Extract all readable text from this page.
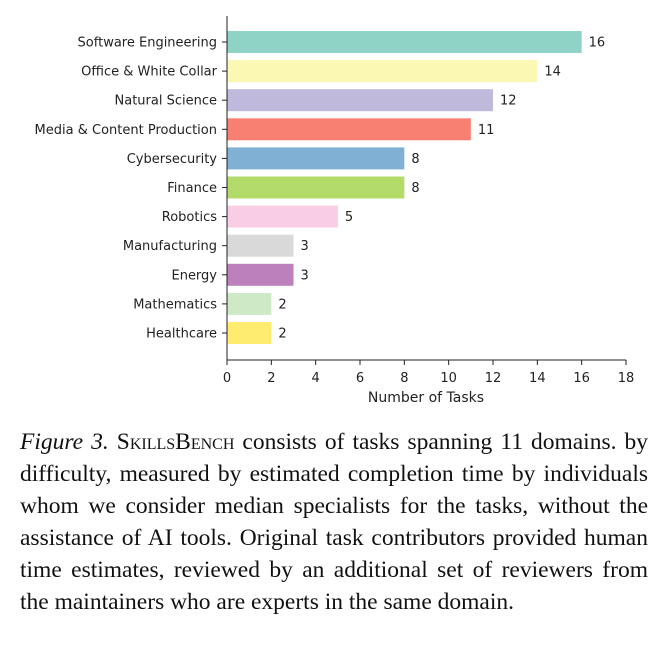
16
14
12
11
8
8
5
3
3
2
2
0	2	4	6	8 10 12 14 16 18
Software Engineering
Office & White Collar
Natural Science
Media & Content Production
Cybersecurity
Finance
Robotics
Manufacturing
Energy
Mathematics
Healthcare
Number of Tasks

Figure 3. SkillsBench consists of tasks spanning 11 domains. by difficulty, measured by estimated completion time by individuals whom we consider median specialists for the tasks, without the assistance of AI tools. Original task contributors provided human time estimates, reviewed by an additional set of reviewers from the maintainers who are experts in the same domain.
